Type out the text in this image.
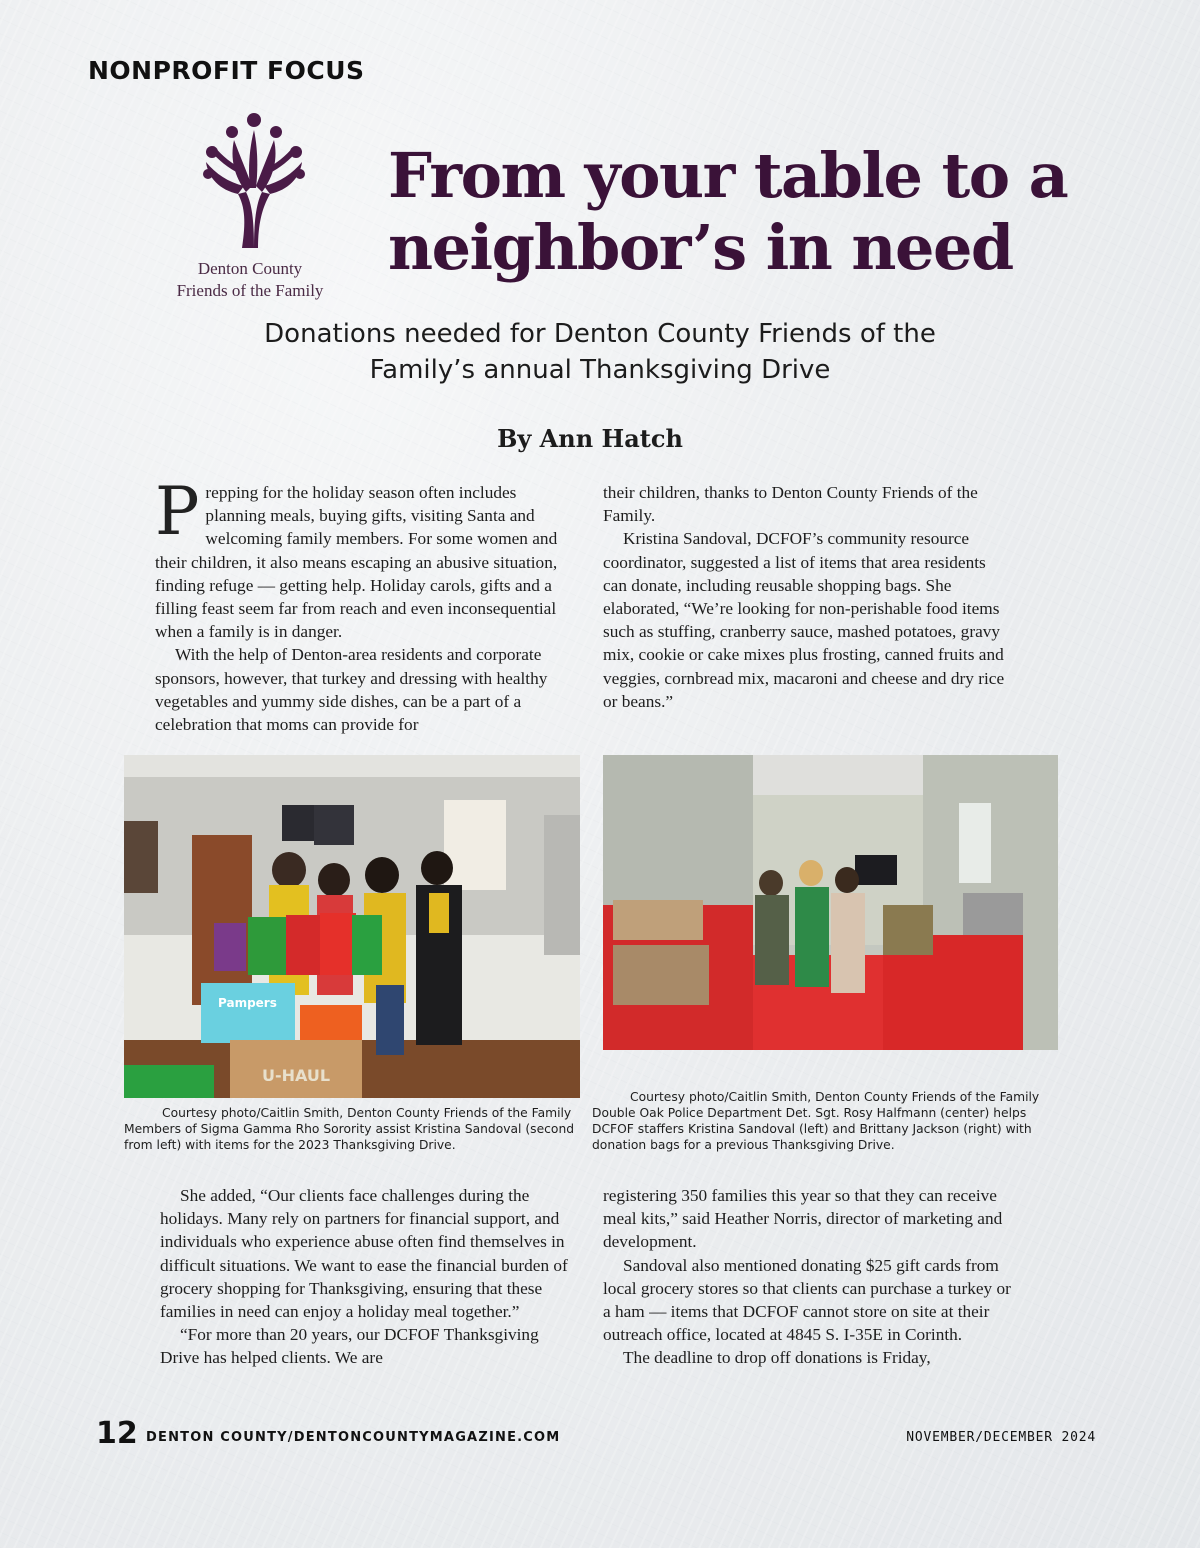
NONPROFIT FOCUS
Denton County
Friends of the Family
From your table to a
neighbor’s in need
Donations needed for Denton County Friends of the
Family’s annual Thanksgiving Drive
By Ann Hatch

Prepping for the holiday season often includes planning meals, buying gifts, visiting Santa and welcoming family members. For some women and their children, it also means escaping an abusive situation, finding refuge — getting help. Holiday carols, gifts and a filling feast seem far from reach and even inconsequential when a family is in danger.

With the help of Denton-area residents and corporate sponsors, however, that turkey and dressing with healthy vegetables and yummy side dishes, can be a part of a celebration that moms can provide for

their children, thanks to Denton County Friends of the Family.

Kristina Sandoval, DCFOF’s community resource coordinator, suggested a list of items that area residents can donate, including reusable shopping bags. She elaborated, “We’re looking for non-perishable food items such as stuffing, cranberry sauce, mashed potatoes, gravy mix, cookie or cake mixes plus frosting, canned fruits and veggies, cornbread mix, macaroni and cheese and dry rice or beans.”

Pampers
U-HAUL
Courtesy photo/Caitlin Smith, Denton County Friends of the Family
Members of Sigma Gamma Rho Sorority assist Kristina Sandoval (second from left) with items for the 2023 Thanksgiving Drive.
Courtesy photo/Caitlin Smith, Denton County Friends of the Family
Double Oak Police Department Det. Sgt. Rosy Halfmann (center) helps DCFOF staffers Kristina Sandoval (left) and Brittany Jackson (right) with donation bags for a previous Thanksgiving Drive.

She added, “Our clients face challenges during the holidays. Many rely on partners for financial support, and individuals who experience abuse often find themselves in difficult situations. We want to ease the financial burden of grocery shopping for Thanksgiving, ensuring that these families in need can enjoy a holiday meal together.”

“For more than 20 years, our DCFOF Thanksgiving Drive has helped clients. We are

registering 350 families this year so that they can receive meal kits,” said Heather Norris, director of marketing and development.

Sandoval also mentioned donating $25 gift cards from local grocery stores so that clients can purchase a turkey or a ham — items that DCFOF cannot store on site at their outreach office, located at 4845 S. I-35E in Corinth.

The deadline to drop off donations is Friday,

12 DENTON COUNTY/DENTONCOUNTYMAGAZINE.COM	NOVEMBER/DECEMBER 2024
